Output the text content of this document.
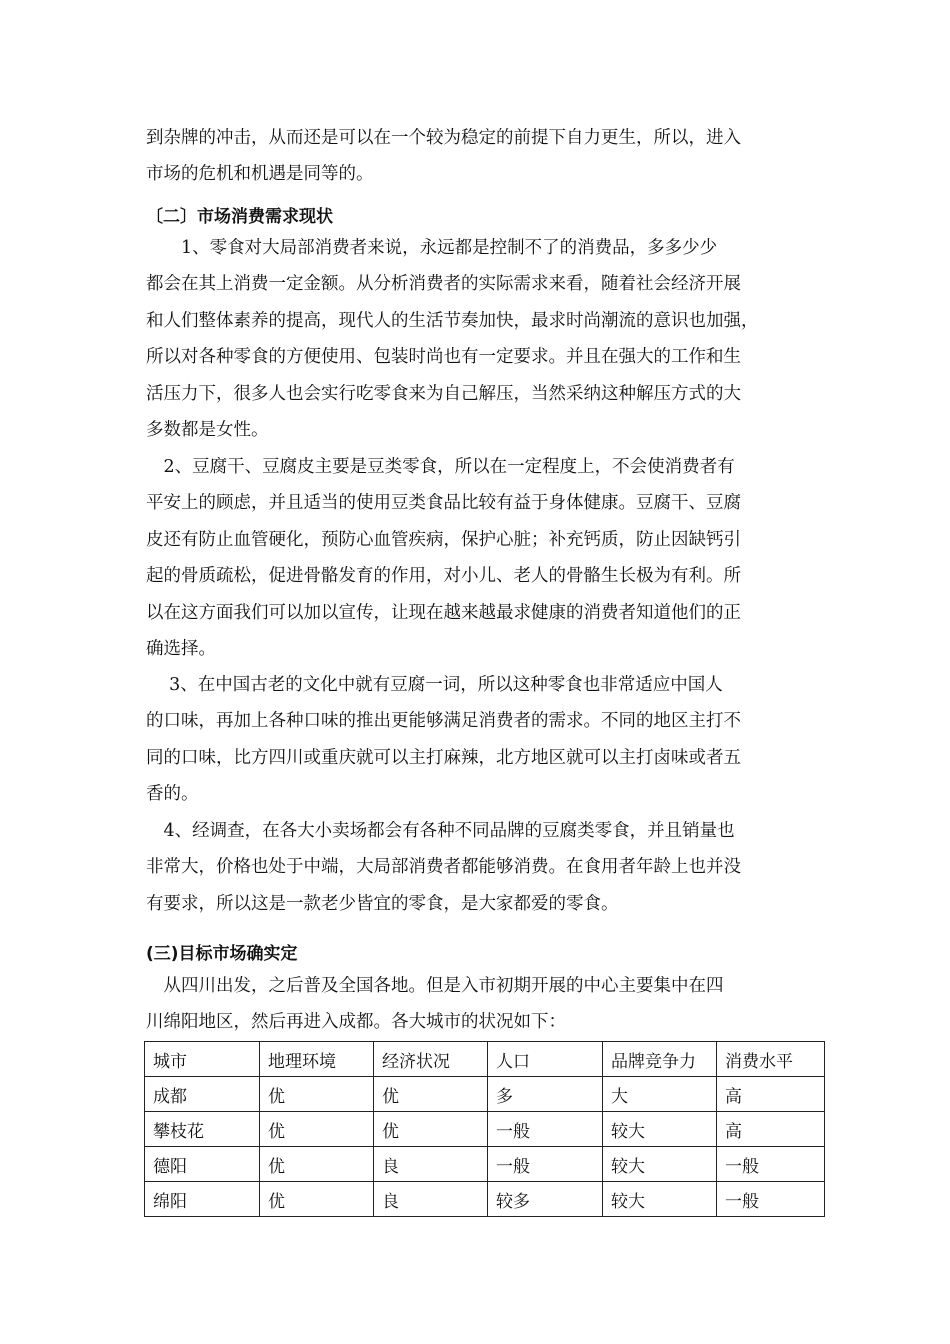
到杂牌的冲击，从而还是可以在一个较为稳定的前提下自力更生，所以，进入
市场的危机和机遇是同等的。

〔二〕市场消费需求现状

　　1、零食对大局部消费者来说，永远都是控制不了的消费品，多多少少
都会在其上消费一定金额。从分析消费者的实际需求来看，随着社会经济开展
和人们整体素养的提高，现代人的生活节奏加快，最求时尚潮流的意识也加强，
所以对各种零食的方便使用、包装时尚也有一定要求。并且在强大的工作和生
活压力下，很多人也会实行吃零食来为自己解压，当然采纳这种解压方式的大
多数都是女性。

　2、豆腐干、豆腐皮主要是豆类零食，所以在一定程度上，不会使消费者有
平安上的顾虑，并且适当的使用豆类食品比较有益于身体健康。豆腐干、豆腐
皮还有防止血管硬化，预防心血管疾病，保护心脏；补充钙质，防止因缺钙引
起的骨质疏松，促进骨骼发育的作用，对小儿、老人的骨骼生长极为有利。所
以在这方面我们可以加以宣传，让现在越来越最求健康的消费者知道他们的正
确选择。

　 3、在中国古老的文化中就有豆腐一词，所以这种零食也非常适应中国人
的口味，再加上各种口味的推出更能够满足消费者的需求。不同的地区主打不
同的口味，比方四川或重庆就可以主打麻辣，北方地区就可以主打卤味或者五
香的。

　4、经调查，在各大小卖场都会有各种不同品牌的豆腐类零食，并且销量也
非常大，价格也处于中端，大局部消费者都能够消费。在食用者年龄上也并没
有要求，所以这是一款老少皆宜的零食，是大家都爱的零食。

(三)目标市场确实定

　从四川出发，之后普及全国各地。但是入市初期开展的中心主要集中在四
川绵阳地区，然后再进入成都。各大城市的状况如下：

城市	地理环境	经济状况	人口	品牌竞争力	消费水平
成都	优	优	多	大	高
攀枝花	优	优	一般	较大	高
德阳	优	良	一般	较大	一般
绵阳	优	良	较多	较大	一般
